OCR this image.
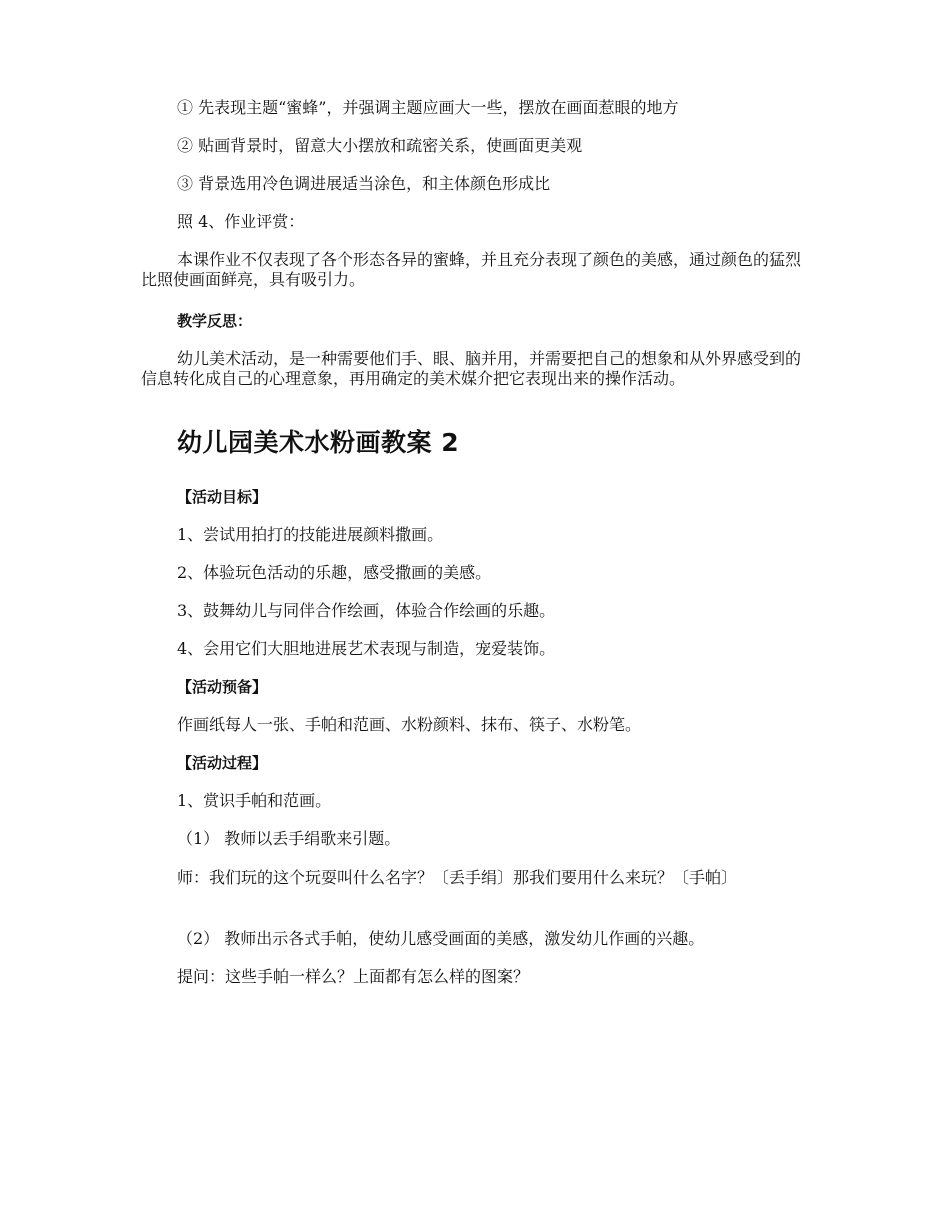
① 先表现主题“蜜蜂”，并强调主题应画大一些，摆放在画面惹眼的地方

② 贴画背景时，留意大小摆放和疏密关系，使画面更美观

③ 背景选用冷色调进展适当涂色，和主体颜色形成比

照 4、作业评赏：

本课作业不仅表现了各个形态各异的蜜蜂，并且充分表现了颜色的美感，通过颜色的猛烈比照使画面鲜亮，具有吸引力。

教学反思：

幼儿美术活动，是一种需要他们手、眼、脑并用，并需要把自己的想象和从外界感受到的信息转化成自己的心理意象，再用确定的美术媒介把它表现出来的操作活动。

幼儿园美术水粉画教案 2

【活动目标】

1、尝试用拍打的技能进展颜料撒画。

2、体验玩色活动的乐趣，感受撒画的美感。

3、鼓舞幼儿与同伴合作绘画，体验合作绘画的乐趣。

4、会用它们大胆地进展艺术表现与制造，宠爱装饰。

【活动预备】

作画纸每人一张、手帕和范画、水粉颜料、抹布、筷子、水粉笔。

【活动过程】

1、赏识手帕和范画。

（1） 教师以丢手绢歌来引题。

师：我们玩的这个玩耍叫什么名字？〔丢手绢〕那我们要用什么来玩？〔手帕〕

（2） 教师出示各式手帕，使幼儿感受画面的美感，激发幼儿作画的兴趣。

提问：这些手帕一样么？上面都有怎么样的图案？
